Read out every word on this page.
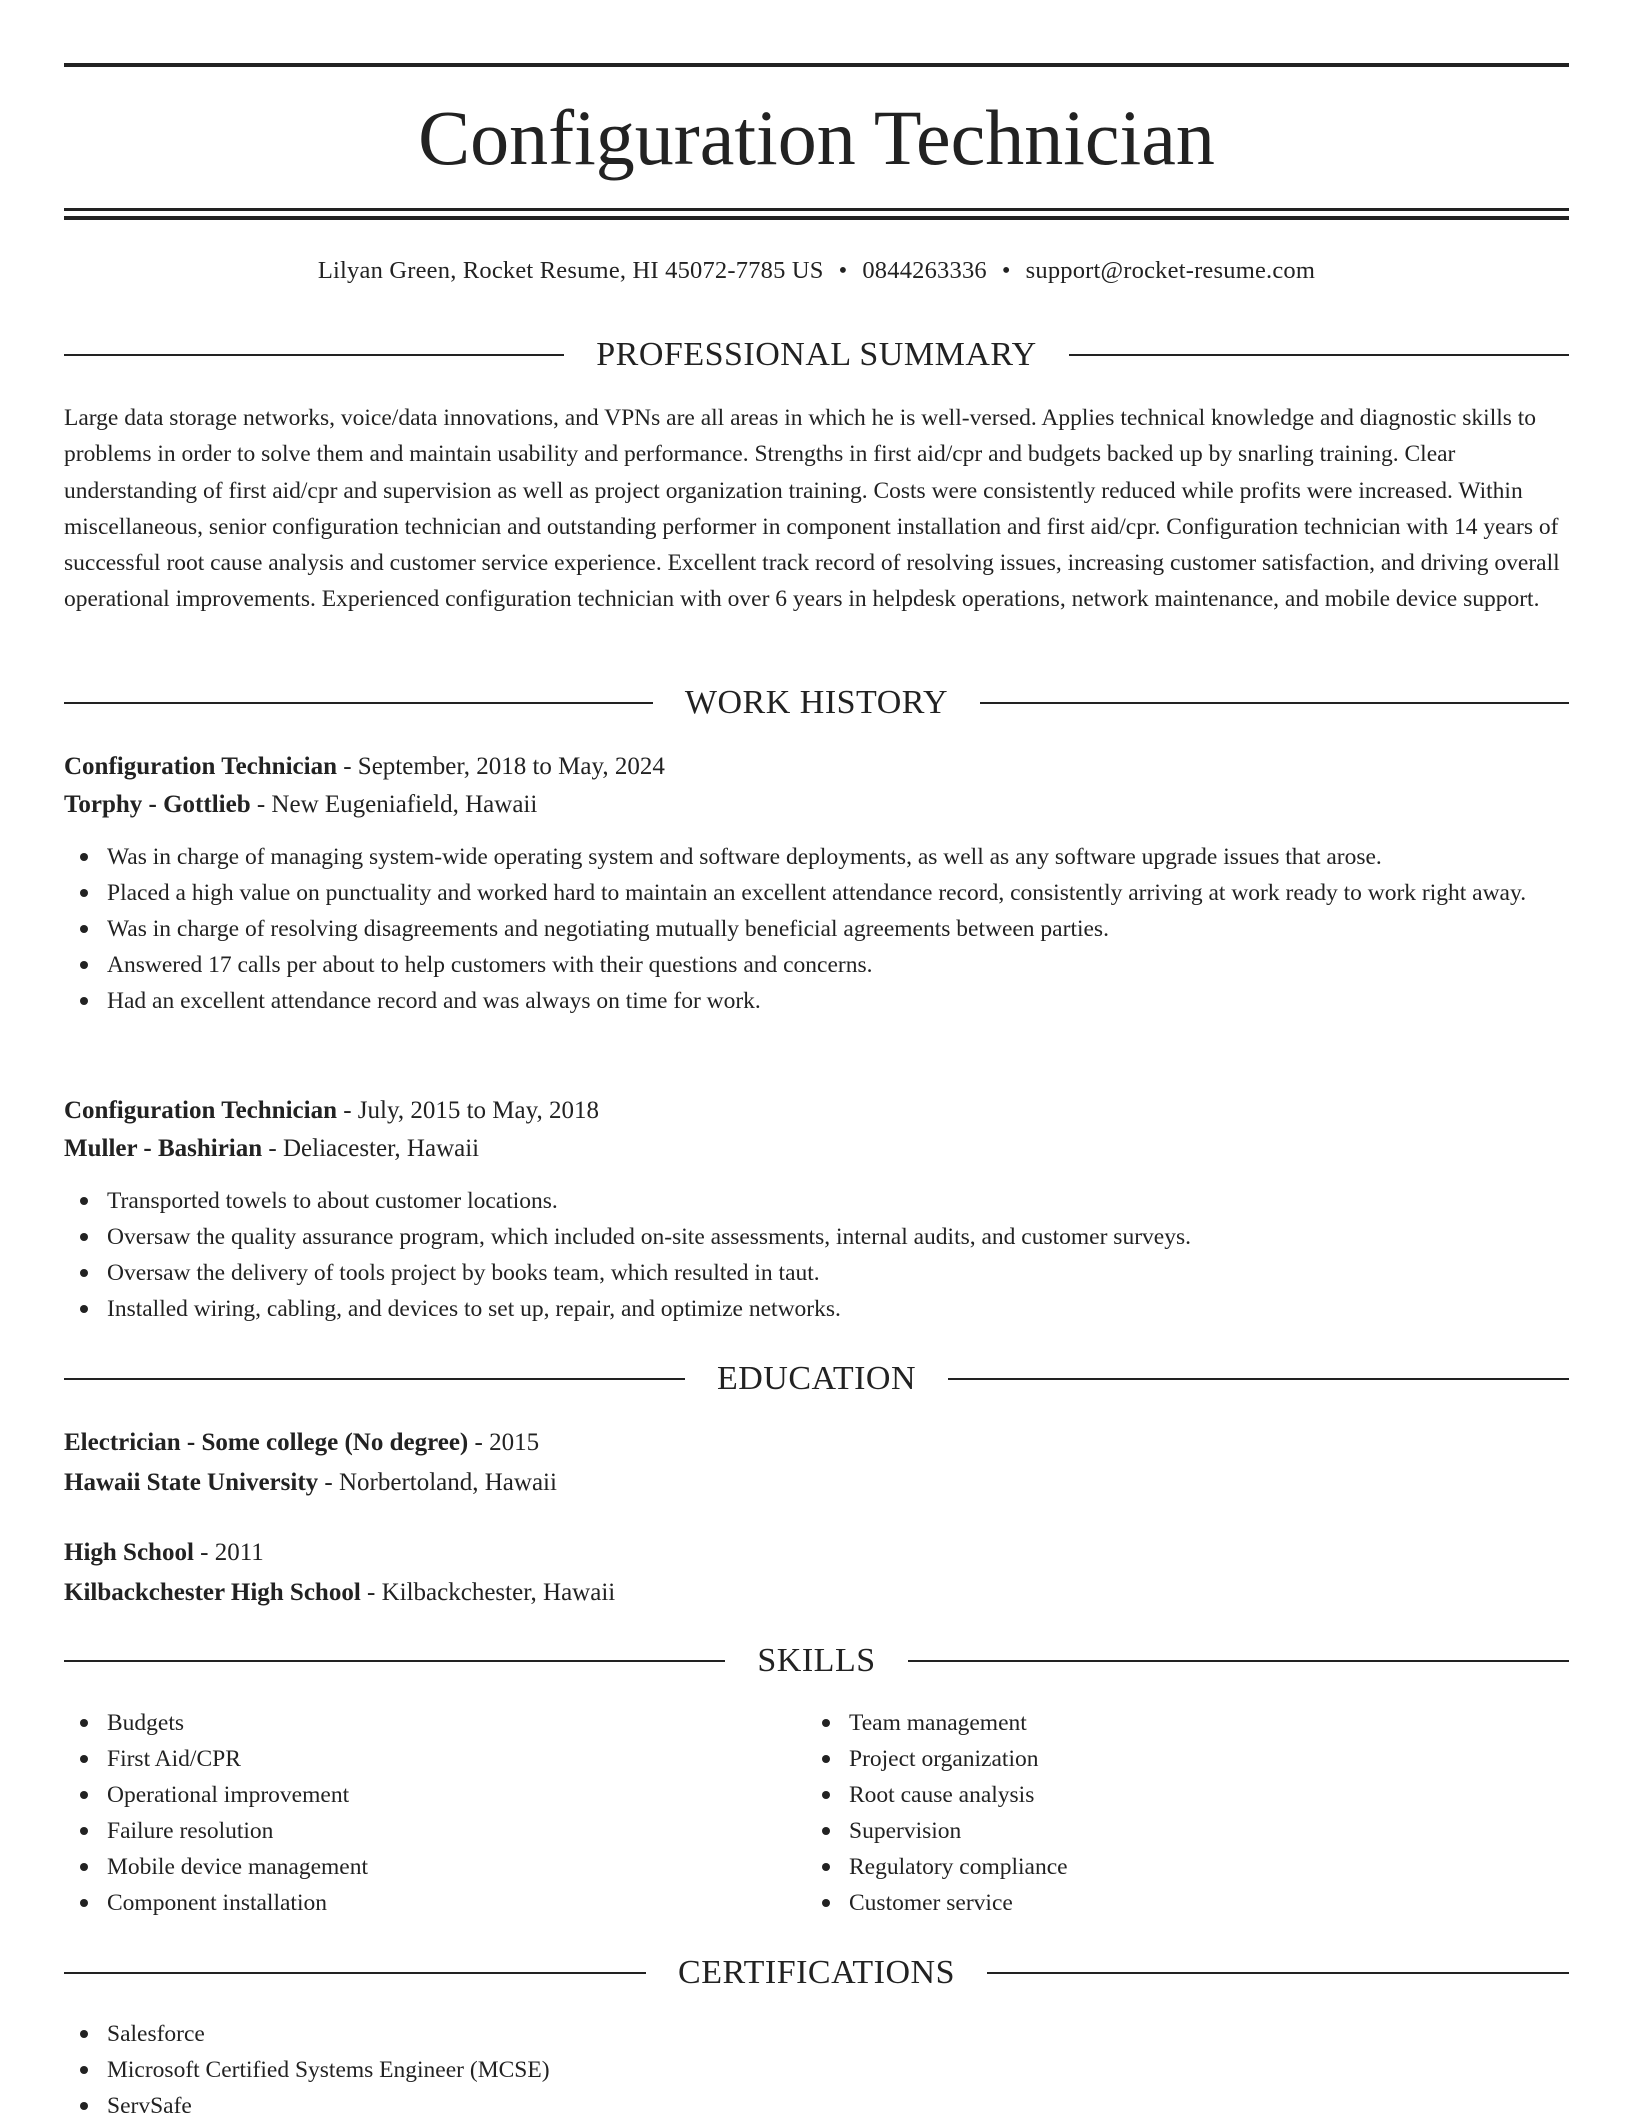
Configuration Technician
Lilyan Green, Rocket Resume, HI 45072-7785 US • 0844263336 • support@rocket-resume.com
PROFESSIONAL SUMMARY

Large data storage networks, voice/data innovations, and VPNs are all areas in which he is well-versed. Applies technical knowledge and diagnostic skills to problems in order to solve them and maintain usability and performance. Strengths in first aid/cpr and budgets backed up by snarling training. Clear understanding of first aid/cpr and supervision as well as project organization training. Costs were consistently reduced while profits were increased. Within miscellaneous, senior configuration technician and outstanding performer in component installation and first aid/cpr. Configuration technician with 14 years of successful root cause analysis and customer service experience. Excellent track record of resolving issues, increasing customer satisfaction, and driving overall operational improvements. Experienced configuration technician with over 6 years in helpdesk operations, network maintenance, and mobile device support.

WORK HISTORY
Configuration Technician - September, 2018 to May, 2024
Torphy - Gottlieb - New Eugeniafield, Hawaii
Was in charge of managing system-wide operating system and software deployments, as well as any software upgrade issues that arose.
Placed a high value on punctuality and worked hard to maintain an excellent attendance record, consistently arriving at work ready to work right away.
Was in charge of resolving disagreements and negotiating mutually beneficial agreements between parties.
Answered 17 calls per about to help customers with their questions and concerns.
Had an excellent attendance record and was always on time for work.
Configuration Technician - July, 2015 to May, 2018
Muller - Bashirian - Deliacester, Hawaii
Transported towels to about customer locations.
Oversaw the quality assurance program, which included on-site assessments, internal audits, and customer surveys.
Oversaw the delivery of tools project by books team, which resulted in taut.
Installed wiring, cabling, and devices to set up, repair, and optimize networks.
EDUCATION
Electrician - Some college (No degree) - 2015
Hawaii State University - Norbertoland, Hawaii
High School - 2011
Kilbackchester High School - Kilbackchester, Hawaii
SKILLS
Budgets
First Aid/CPR
Operational improvement
Failure resolution
Mobile device management
Component installation
Team management
Project organization
Root cause analysis
Supervision
Regulatory compliance
Customer service
CERTIFICATIONS
Salesforce
Microsoft Certified Systems Engineer (MCSE)
ServSafe
